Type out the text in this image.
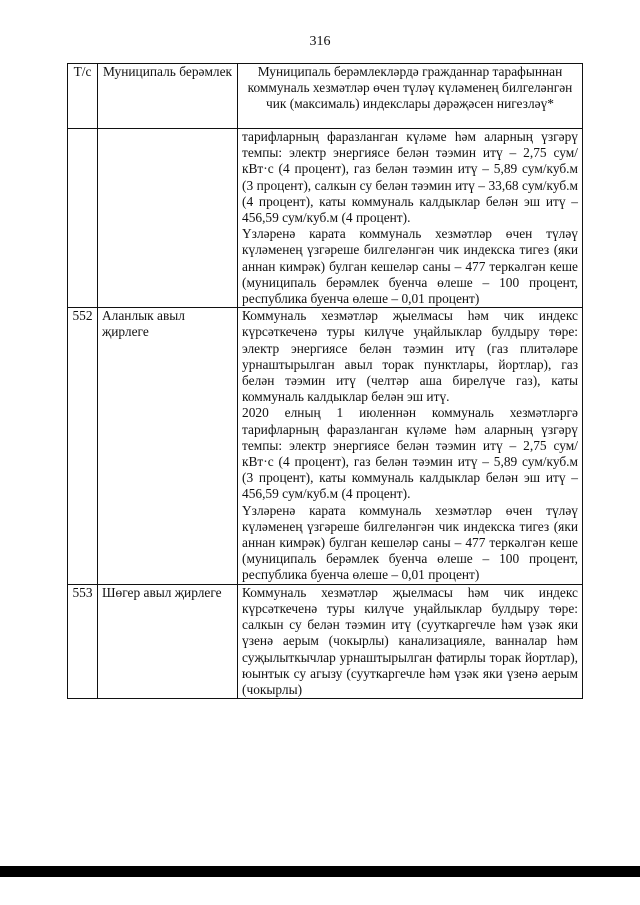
316
Т/с	Муниципаль берәмлек	Муниципаль берәмлекләрдә гражданнар тарафыннан коммуналь хезмәтләр өчен түләү күләменең билгеләнгән чик (максималь) индекслары дәрәҗәсен нигезләү*

		тарифларның фаразланган күләме һәм аларның үзгәрү темпы: электр энергиясе белән тәэмин итү – 2,75 сум/кВт·с (4 процент), газ белән тәэмин итү – 5,89 сум/куб.м (3 процент), салкын су белән тәэмин итү – 33,68 сум/куб.м (4 процент), каты коммуналь калдыклар белән эш итү – 456,59 сум/куб.м (4 процент).

Үзләренә карата коммуналь хезмәтләр өчен түләү күләменең үзгәреше билгеләнгән чик индекска тигез (яки аннан кимрәк) булган кешеләр саны – 477 теркәлгән кеше (муниципаль берәмлек буенча өлеше – 100 процент, республика буенча өлеше – 0,01 процент)

552	Аланлык авыл җирлеге	Коммуналь хезмәтләр җыелмасы һәм чик индекс күрсәткеченә туры килүче уңайлыклар булдыру төре: электр энергиясе белән тәэмин итү (газ плитәләре урнаштырылган авыл торак пунктлары, йортлар), газ белән тәэмин итү (челтәр аша бирелүче газ), каты коммуналь калдыклар белән эш итү.

2020 елның 1 июленнән коммуналь хезмәтләргә тарифларның фаразланган күләме һәм аларның үзгәрү темпы: электр энергиясе белән тәэмин итү – 2,75 сум/кВт·с (4 процент), газ белән тәэмин итү – 5,89 сум/куб.м (3 процент), каты коммуналь калдыклар белән эш итү – 456,59 сум/куб.м (4 процент).

Үзләренә карата коммуналь хезмәтләр өчен түләү күләменең үзгәреше билгеләнгән чик индекска тигез (яки аннан кимрәк) булган кешеләр саны – 477 теркәлгән кеше (муниципаль берәмлек буенча өлеше – 100 процент, республика буенча өлеше – 0,01 процент)

553	Шөгер авыл җирлеге	Коммуналь хезмәтләр җыелмасы һәм чик индекс күрсәткеченә туры килүче уңайлыклар булдыру төре: салкын су белән тәэмин итү (сууткаргечле һәм үзәк яки үзенә аерым (чокырлы) канализацияле, ванналар һәм суҗылыткычлар урнаштырылган фатирлы торак йортлар), юынтык су агызу (сууткаргечле һәм үзәк яки үзенә аерым (чокырлы)
